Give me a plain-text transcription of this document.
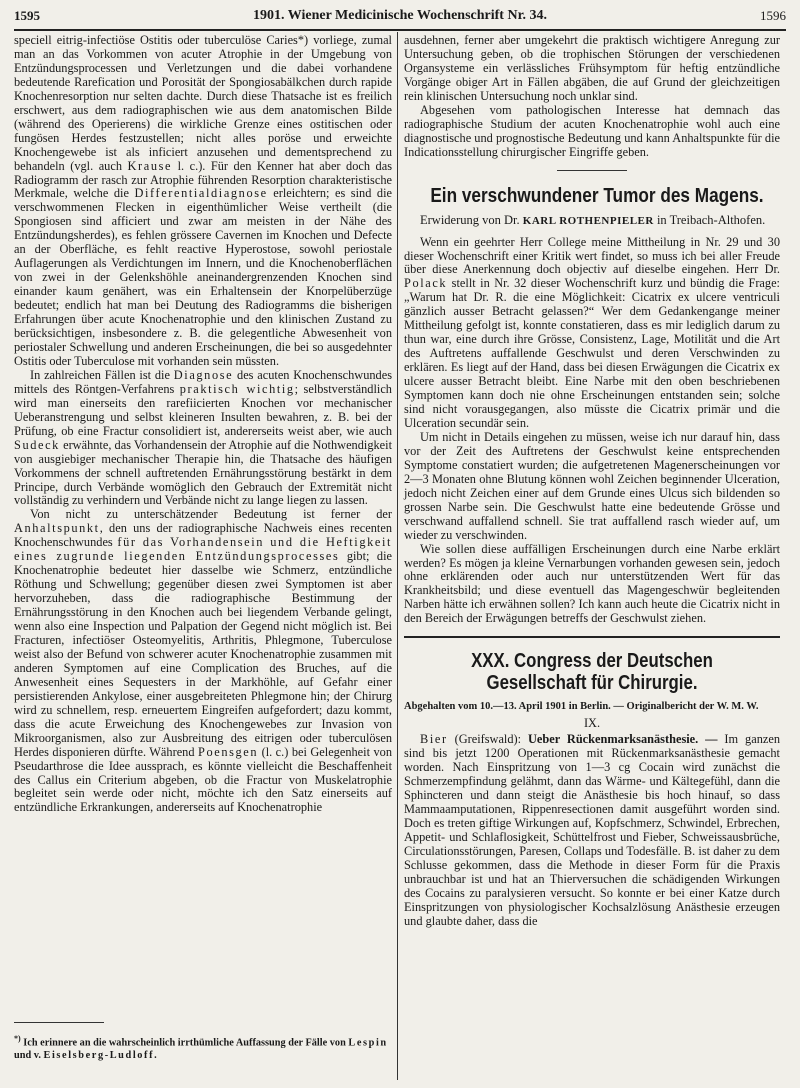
1595	1901. Wiener Medicinische Wochenschrift Nr. 34.	1596

speciell eitrig-infectiöse Ostitis oder tuberculöse Caries*) vorliege, zumal man an das Vorkommen von acuter Atrophie in der Umgebung von Entzündungsprocessen und Verletzungen und die dabei vorhandene bedeutende Rarefication und Porosität der Spongiosabälkchen durch rapide Knochenresorption nur selten dachte. Durch diese Thatsache ist es freilich erschwert, aus dem radiographischen wie aus dem anatomischen Bilde (während des Operierens) die wirkliche Grenze eines ostitischen oder fungösen Herdes festzustellen; nicht alles poröse und erweichte Knochengewebe ist als inficiert anzusehen und dementsprechend zu behandeln (vgl. auch Krause l. c.). Für den Kenner hat aber doch das Radiogramm der rasch zur Atrophie führenden Resorption charakteristische Merkmale, welche die Differentialdiagnose erleichtern; es sind die verschwommenen Flecken in eigenthümlicher Weise vertheilt (die Spongiosen sind afficiert und zwar am meisten in der Nähe des Entzündungsherdes), es fehlen grössere Cavernen im Knochen und Defecte an der Oberfläche, es fehlt reactive Hyperostose, sowohl periostale Auflagerungen als Verdichtungen im Innern, und die Knochenoberflächen von zwei in der Gelenkshöhle aneinandergrenzenden Knochen sind einander kaum genähert, was ein Erhaltensein der Knorpelüberzüge bedeutet; endlich hat man bei Deutung des Radiogramms die bisherigen Erfahrungen über acute Knochenatrophie und den klinischen Zustand zu berücksichtigen, insbesondere z. B. die gelegentliche Abwesenheit von periostaler Schwellung und anderen Erscheinungen, die bei so ausgedehnter Ostitis oder Tuberculose mit vorhanden sein müssten.

In zahlreichen Fällen ist die Diagnose des acuten Knochenschwundes mittels des Röntgen-Verfahrens praktisch wichtig; selbstverständlich wird man einerseits den rarefiicierten Knochen vor mechanischer Ueberanstrengung und selbst kleineren Insulten bewahren, z. B. bei der Prüfung, ob eine Fractur consolidiert ist, andererseits weist aber, wie auch Sudeck erwähnte, das Vorhandensein der Atrophie auf die Nothwendigkeit von ausgiebiger mechanischer Therapie hin, die Thatsache des häufigen Vorkommens der schnell auftretenden Ernährungsstörung bestärkt in dem Principe, durch Verbände womöglich den Gebrauch der Extremität nicht vollständig zu verhindern und Verbände nicht zu lange liegen zu lassen.

Von nicht zu unterschätzender Bedeutung ist ferner der Anhaltspunkt, den uns der radiographische Nachweis eines recenten Knochenschwundes für das Vorhandensein und die Heftigkeit eines zugrunde liegenden Entzündungsprocesses gibt; die Knochenatrophie bedeutet hier dasselbe wie Schmerz, entzündliche Röthung und Schwellung; gegenüber diesen zwei Symptomen ist aber hervorzuheben, dass die radiographische Bestimmung der Ernährungsstörung in den Knochen auch bei liegendem Verbande gelingt, wenn also eine Inspection und Palpation der Gegend nicht möglich ist. Bei Fracturen, infectiöser Osteomyelitis, Arthritis, Phlegmone, Tuberculose weist also der Befund von schwerer acuter Knochenatrophie zusammen mit anderen Symptomen auf eine Complication des Bruches, auf die Anwesenheit eines Sequesters in der Markhöhle, auf Gefahr einer persistierenden Ankylose, einer ausgebreiteten Phlegmone hin; der Chirurg wird zu schnellem, resp. erneuertem Eingreifen aufgefordert; dazu kommt, dass die acute Erweichung des Knochengewebes zur Invasion von Mikroorganismen, also zur Ausbreitung des eitrigen oder tuberculösen Herdes disponieren dürfte. Während Poensgen (l. c.) bei Gelegenheit von Pseudarthrose die Idee aussprach, es könnte vielleicht die Beschaffenheit des Callus ein Criterium abgeben, ob die Fractur von Muskelatrophie begleitet sein werde oder nicht, möchte ich den Satz einerseits auf entzündliche Erkrankungen, andererseits auf Knochenatrophie

*) Ich erinnere an die wahrscheinlich irrthümliche Auffassung der Fälle von Lespin und v. Eiselsberg-Ludloff.

ausdehnen, ferner aber umgekehrt die praktisch wichtigere Anregung zur Untersuchung geben, ob die trophischen Störungen der verschiedenen Organsysteme ein verlässliches Frühsymptom für heftig entzündliche Vorgänge obiger Art in Fällen abgäben, die auf Grund der gleichzeitigen rein klinischen Untersuchung noch unklar sind.

Abgesehen vom pathologischen Interesse hat demnach das radiographische Studium der acuten Knochenatrophie wohl auch eine diagnostische und prognostische Bedeutung und kann Anhaltspunkte für die Indicationsstellung chirurgischer Eingriffe geben.

Ein verschwundener Tumor des Magens.
Erwiderung von Dr. KARL ROTHENPIELER in Treibach-Althofen.

Wenn ein geehrter Herr College meine Mittheilung in Nr. 29 und 30 dieser Wochenschrift einer Kritik wert findet, so muss ich bei aller Freude über diese Anerkennung doch objectiv auf dieselbe eingehen. Herr Dr. Polack stellt in Nr. 32 dieser Wochenschrift kurz und bündig die Frage: „Warum hat Dr. R. die eine Möglichkeit: Cicatrix ex ulcere ventriculi gänzlich ausser Betracht gelassen?“ Wer dem Gedankengange meiner Mittheilung gefolgt ist, konnte constatieren, dass es mir lediglich darum zu thun war, eine durch ihre Grösse, Consistenz, Lage, Motilität und die Art des Auftretens auffallende Geschwulst und deren Verschwinden zu erklären. Es liegt auf der Hand, dass bei diesen Erwägungen die Cicatrix ex ulcere ausser Betracht bleibt. Eine Narbe mit den oben beschriebenen Symptomen kann doch nie ohne Erscheinungen entstanden sein; solche sind nicht vorausgegangen, also müsste die Cicatrix primär und die Ulceration secundär sein.

Um nicht in Details eingehen zu müssen, weise ich nur darauf hin, dass vor der Zeit des Auftretens der Geschwulst keine entsprechenden Symptome constatiert wurden; die aufgetretenen Magenerscheinungen vor 2—3 Monaten ohne Blutung können wohl Zeichen beginnender Ulceration, jedoch nicht Zeichen einer auf dem Grunde eines Ulcus sich bildenden so grossen Narbe sein. Die Geschwulst hatte eine bedeutende Grösse und verschwand auffallend schnell. Sie trat auffallend rasch wieder auf, um wieder zu verschwinden.

Wie sollen diese auffälligen Erscheinungen durch eine Narbe erklärt werden? Es mögen ja kleine Vernarbungen vorhanden gewesen sein, jedoch ohne erklärenden oder auch nur unterstützenden Wert für das Krankheitsbild; und diese eventuell das Magengeschwür begleitenden Narben hätte ich erwähnen sollen? Ich kann auch heute die Cicatrix nicht in den Bereich der Erwägungen betreffs der Geschwulst ziehen.

XXX. Congress der Deutschen Gesellschaft für Chirurgie.
Abgehalten vom 10.—13. April 1901 in Berlin. — Originalbericht der W. M. W.
IX.

Bier (Greifswald): Ueber Rückenmarksanästhesie. — Im ganzen sind bis jetzt 1200 Operationen mit Rückenmarksanästhesie gemacht worden. Nach Einspritzung von 1—3 cg Cocain wird zunächst die Schmerzempfindung gelähmt, dann das Wärme- und Kältegefühl, dann die Sphincteren und dann steigt die Anästhesie bis hoch hinauf, so dass Mammaamputationen, Rippenresectionen damit ausgeführt worden sind. Doch es treten giftige Wirkungen auf, Kopfschmerz, Schwindel, Erbrechen, Appetit- und Schlaflosigkeit, Schüttelfrost und Fieber, Schweissausbrüche, Circulationsstörungen, Paresen, Collaps und Todesfälle. B. ist daher zu dem Schlusse gekommen, dass die Methode in dieser Form für die Praxis unbrauchbar ist und hat an Thierversuchen die schädigenden Wirkungen des Cocains zu paralysieren versucht. So konnte er bei einer Katze durch Einspritzungen von physiologischer Kochsalzlösung Anästhesie erzeugen und glaubte daher, dass die
